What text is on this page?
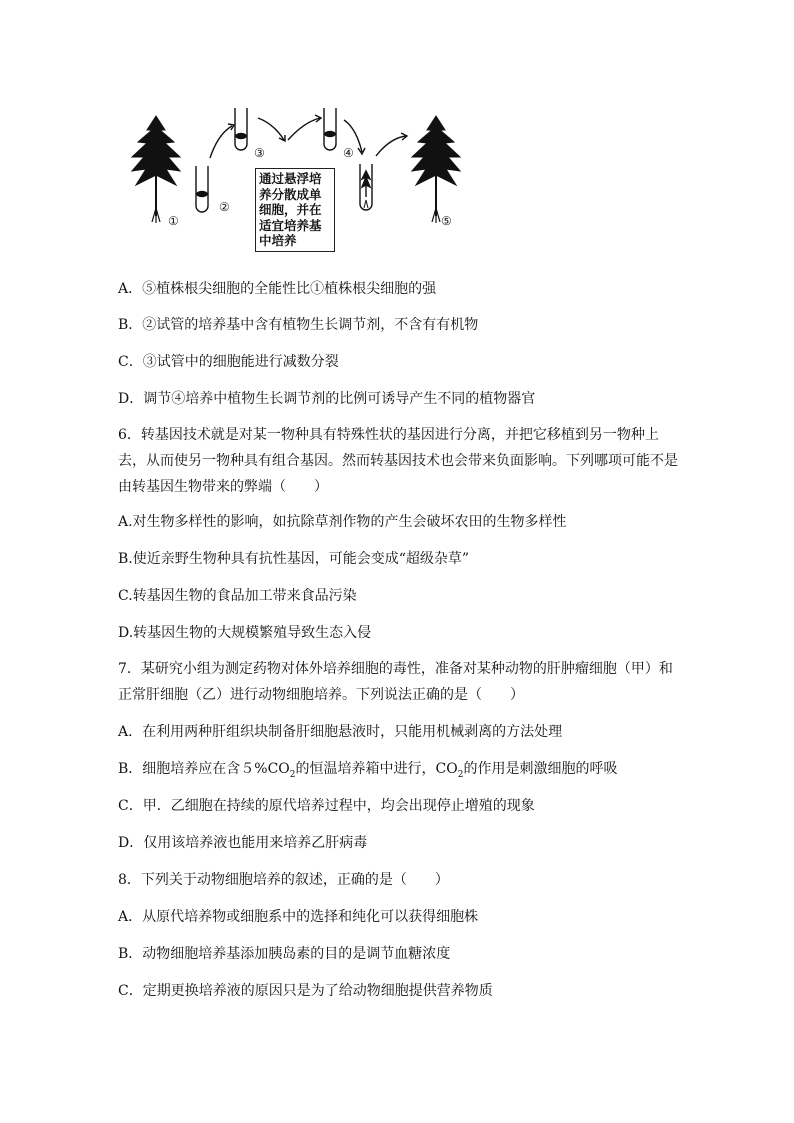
①
②
③	④
⑤
通过悬浮培养分散成单细胞，并在适宜培养基中培养
A．⑤植株根尖细胞的全能性比①植株根尖细胞的强
B．②试管的培养基中含有植物生长调节剂，不含有有机物
C．③试管中的细胞能进行减数分裂
D．调节④培养中植物生长调节剂的比例可诱导产生不同的植物器官
6．转基因技术就是对某一物种具有特殊性状的基因进行分离，并把它移植到另一物种上去，从而使另一物种具有组合基因。然而转基因技术也会带来负面影响。下列哪项可能不是由转基因生物带来的弊端（　　）
A.对生物多样性的影响，如抗除草剂作物的产生会破坏农田的生物多样性
B.使近亲野生物种具有抗性基因，可能会变成“超级杂草”
C.转基因生物的食品加工带来食品污染
D.转基因生物的大规模繁殖导致生态入侵
7．某研究小组为测定药物对体外培养细胞的毒性，准备对某种动物的肝肿瘤细胞（甲）和正常肝细胞（乙）进行动物细胞培养。下列说法正确的是（　　）
A．在利用两种肝组织块制备肝细胞悬液时，只能用机械剥离的方法处理
B．细胞培养应在含$5\%CO_2$的恒温培养箱中进行，$CO_2$的作用是刺激细胞的呼吸
C．甲．乙细胞在持续的原代培养过程中，均会出现停止增殖的现象
D．仅用该培养液也能用来培养乙肝病毒
8．下列关于动物细胞培养的叙述，正确的是（　　）
A．从原代培养物或细胞系中的选择和纯化可以获得细胞株
B．动物细胞培养基添加胰岛素的目的是调节血糖浓度
C．定期更换培养液的原因只是为了给动物细胞提供营养物质
